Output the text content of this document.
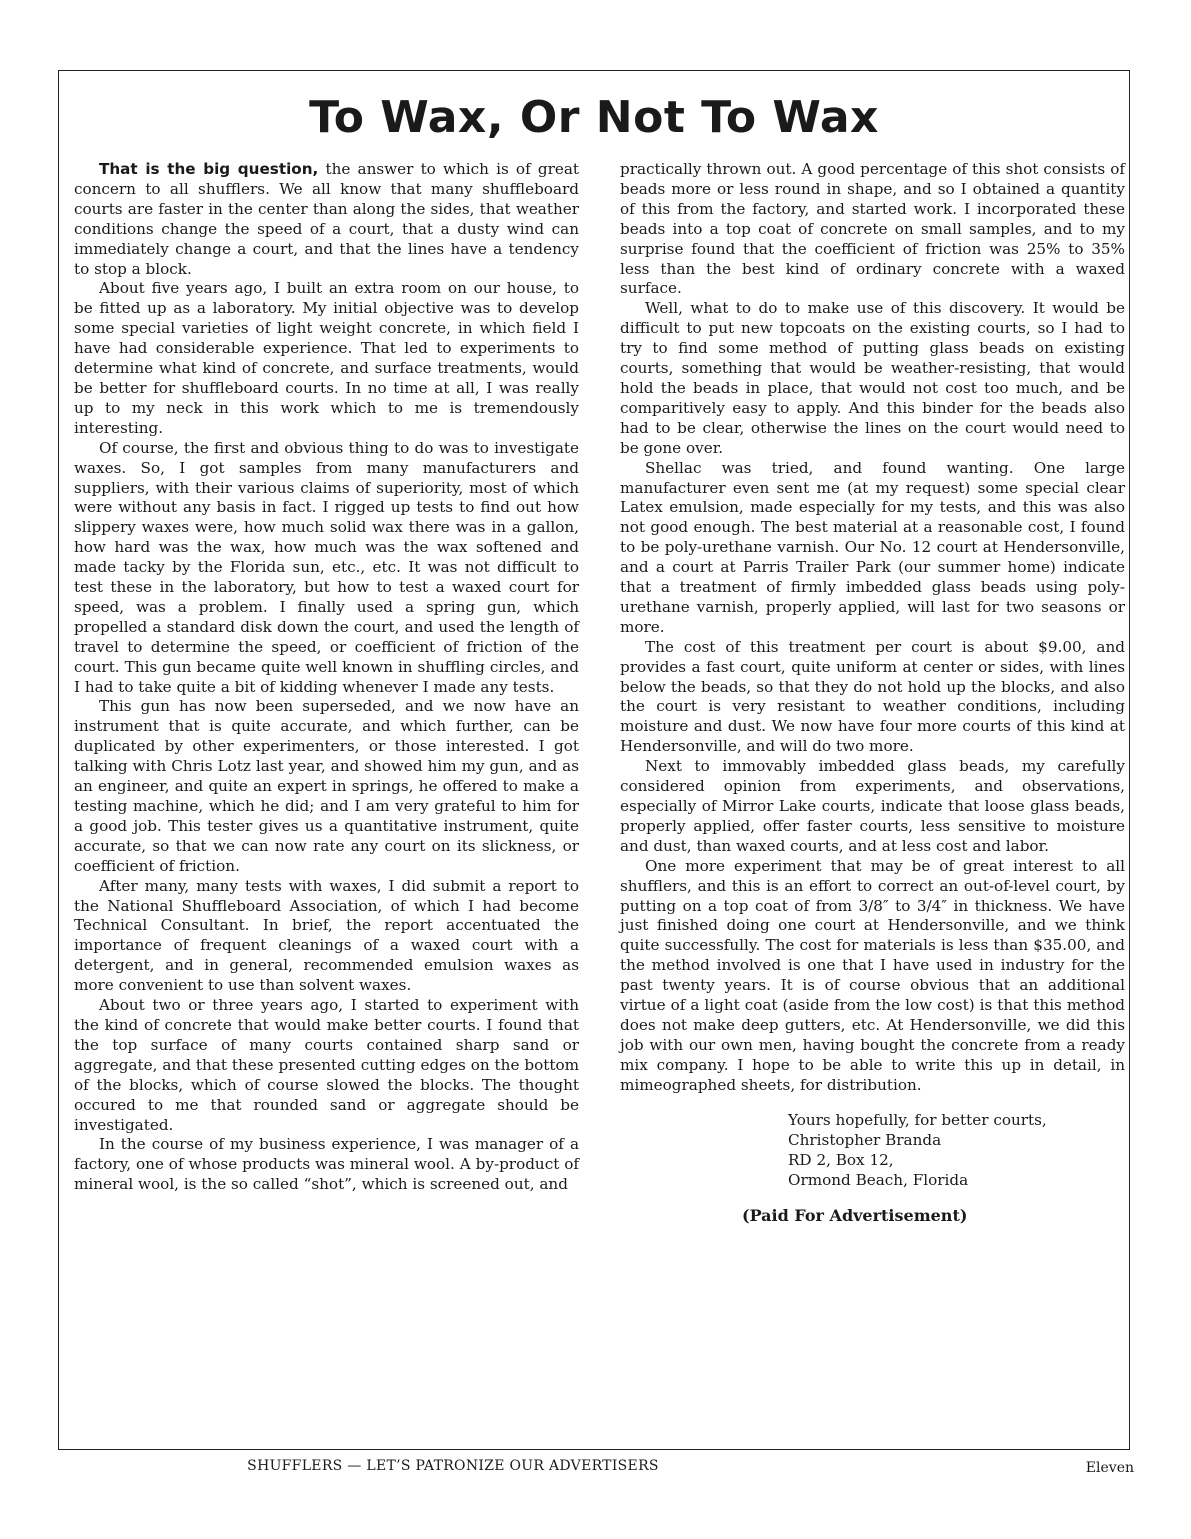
To Wax, Or Not To Wax

That is the big question, the answer to which is of great concern to all shufflers. We all know that many shuffleboard courts are faster in the center than along the sides, that weather conditions change the speed of a court, that a dusty wind can immediately change a court, and that the lines have a tendency to stop a block.

About five years ago, I built an extra room on our house, to be fitted up as a laboratory. My initial objective was to develop some special varieties of light weight concrete, in which field I have had considerable experience. That led to experiments to determine what kind of concrete, and surface treatments, would be better for shuffleboard courts. In no time at all, I was really up to my neck in this work which to me is tremendously interesting.

Of course, the first and obvious thing to do was to investigate waxes. So, I got samples from many manufacturers and suppliers, with their various claims of superiority, most of which were without any basis in fact. I rigged up tests to find out how slippery waxes were, how much solid wax there was in a gallon, how hard was the wax, how much was the wax softened and made tacky by the Florida sun, etc., etc. It was not difficult to test these in the laboratory, but how to test a waxed court for speed, was a problem. I finally used a spring gun, which propelled a standard disk down the court, and used the length of travel to determine the speed, or coefficient of friction of the court. This gun became quite well known in shuffling circles, and I had to take quite a bit of kidding whenever I made any tests.

This gun has now been superseded, and we now have an instrument that is quite accurate, and which further, can be duplicated by other experimenters, or those interested. I got talking with Chris Lotz last year, and showed him my gun, and as an engineer, and quite an expert in springs, he offered to make a testing machine, which he did; and I am very grateful to him for a good job. This tester gives us a quantitative instrument, quite accurate, so that we can now rate any court on its slickness, or coefficient of friction.

After many, many tests with waxes, I did submit a report to the National Shuffleboard Association, of which I had become Technical Consultant. In brief, the report accentuated the importance of frequent cleanings of a waxed court with a detergent, and in general, recommended emulsion waxes as more convenient to use than solvent waxes.

About two or three years ago, I started to experiment with the kind of concrete that would make better courts. I found that the top surface of many courts contained sharp sand or aggregate, and that these presented cutting edges on the bottom of the blocks, which of course slowed the blocks. The thought occured to me that rounded sand or aggregate should be investigated.

In the course of my business experience, I was manager of a factory, one of whose products was mineral wool. A by-product of mineral wool, is the so called “shot”, which is screened out, and

practically thrown out. A good percentage of this shot consists of beads more or less round in shape, and so I obtained a quantity of this from the factory, and started work. I incorporated these beads into a top coat of concrete on small samples, and to my surprise found that the coefficient of friction was 25% to 35% less than the best kind of ordinary concrete with a waxed surface.

Well, what to do to make use of this discovery. It would be difficult to put new topcoats on the existing courts, so I had to try to find some method of putting glass beads on existing courts, something that would be weather-resisting, that would hold the beads in place, that would not cost too much, and be comparitively easy to apply. And this binder for the beads also had to be clear, otherwise the lines on the court would need to be gone over.

Shellac was tried, and found wanting. One large manufacturer even sent me (at my request) some special clear Latex emulsion, made especially for my tests, and this was also not good enough. The best material at a reasonable cost, I found to be poly-urethane varnish. Our No. 12 court at Hendersonville, and a court at Parris Trailer Park (our summer home) indicate that a treatment of firmly imbedded glass beads using poly-urethane varnish, properly applied, will last for two seasons or more.

The cost of this treatment per court is about $9.00, and provides a fast court, quite uniform at center or sides, with lines below the beads, so that they do not hold up the blocks, and also the court is very resistant to weather conditions, including moisture and dust. We now have four more courts of this kind at Hendersonville, and will do two more.

Next to immovably imbedded glass beads, my carefully considered opinion from experiments, and observations, especially of Mirror Lake courts, indicate that loose glass beads, properly applied, offer faster courts, less sensitive to moisture and dust, than waxed courts, and at less cost and labor.

One more experiment that may be of great interest to all shufflers, and this is an effort to correct an out-of-level court, by putting on a top coat of from 3/8″ to 3/4″ in thickness. We have just finished doing one court at Hendersonville, and we think quite successfully. The cost for materials is less than $35.00, and the method involved is one that I have used in industry for the past twenty years. It is of course obvious that an additional virtue of a light coat (aside from the low cost) is that this method does not make deep gutters, etc. At Hendersonville, we did this job with our own men, having bought the concrete from a ready mix company. I hope to be able to write this up in detail, in mimeographed sheets, for distribution.

Yours hopefully, for better courts,
Christopher Branda
RD 2, Box 12,
Ormond Beach, Florida
(Paid For Advertisement)
SHUFFLERS — LET’S PATRONIZE OUR ADVERTISERS	Eleven
